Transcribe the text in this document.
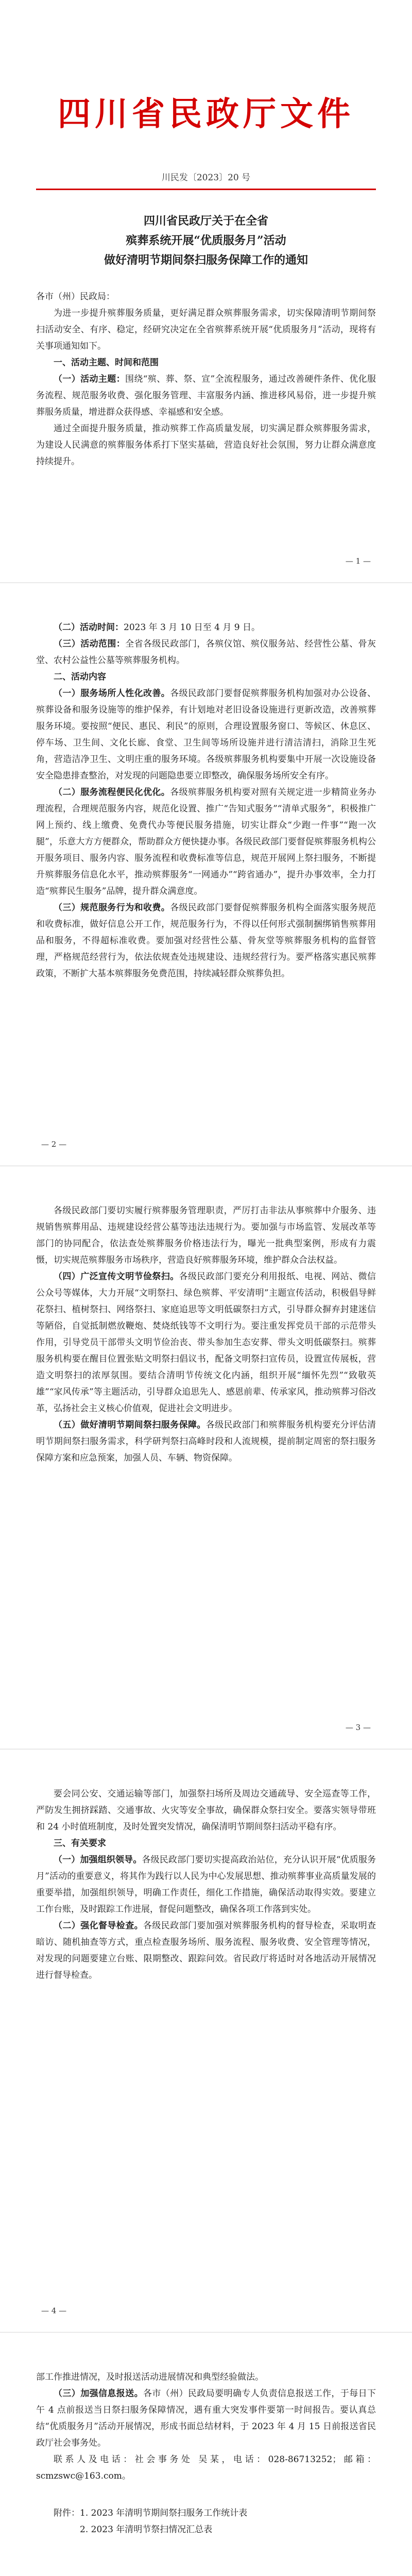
四川省民政厅文件
川民发〔2023〕20 号
四川省民政厅关于在全省
殡葬系统开展“优质服务月”活动
做好清明节期间祭扫服务保障工作的通知

各市（州）民政局：

为进一步提升殡葬服务质量，更好满足群众殡葬服务需求，切实保障清明节期间祭扫活动安全、有序、稳定，经研究决定在全省殡葬系统开展“优质服务月”活动，现将有关事项通知如下。

一、活动主题、时间和范围

（一）活动主题：围绕“殡、葬、祭、宣”全流程服务，通过改善硬件条件、优化服务流程、规范服务收费、强化服务管理、丰富服务内涵、推进移风易俗，进一步提升殡葬服务质量，增进群众获得感、幸福感和安全感。

通过全面提升服务质量，推动殡葬工作高质量发展，切实满足群众殡葬服务需求，为建设人民满意的殡葬服务体系打下坚实基础，营造良好社会氛围，努力让群众满意度持续提升。

— 1 —

（二）活动时间：2023 年 3 月 10 日至 4 月 9 日。

（三）活动范围：全省各级民政部门，各殡仪馆、殡仪服务站、经营性公墓、骨灰堂、农村公益性公墓等殡葬服务机构。

二、活动内容

（一）服务场所人性化改善。各级民政部门要督促殡葬服务机构加强对办公设备、殡葬设备和服务设施等的维护保养，有计划地对老旧设备设施进行更新改造，改善殡葬服务环境。要按照“便民、惠民、利民”的原则，合理设置服务窗口、等候区、休息区、停车场、卫生间、文化长廊、食堂、卫生间等场所设施并进行清洁清扫，消除卫生死角，营造洁净卫生、文明庄重的服务环境。各级殡葬服务机构要集中开展一次设施设备安全隐患排查整治，对发现的问题隐患要立即整改，确保服务场所安全有序。

（二）服务流程便民化优化。各级殡葬服务机构要对照有关规定进一步精简业务办理流程，合理规范服务内容，规范化设置、推广“告知式服务”“清单式服务”，积极推广网上预约、线上缴费、免费代办等便民服务措施，切实让群众“少跑一件事”“跑一次腿”，乐意大方方便群众，帮助群众方便快捷办事。各级民政部门要督促殡葬服务机构公开服务项目、服务内容、服务流程和收费标准等信息，规范开展网上祭扫服务，不断提升殡葬服务信息化水平，推动殡葬服务“一网通办”“跨省通办”，提升办事效率，全力打造“殡葬民生服务”品牌，提升群众满意度。

（三）规范服务行为和收费。各级民政部门要督促殡葬服务机构全面落实服务规范和收费标准，做好信息公开工作，规范服务行为，不得以任何形式强制捆绑销售殡葬用品和服务，不得超标准收费。要加强对经营性公墓、骨灰堂等殡葬服务机构的监督管理，严格规范经营行为，依法依规查处违规建设、违规经营行为。要严格落实惠民殡葬政策，不断扩大基本殡葬服务免费范围，持续减轻群众殡葬负担。

— 2 —

各级民政部门要切实履行殡葬服务管理职责，严厉打击非法从事殡葬中介服务、违规销售殡葬用品、违规建设经营公墓等违法违规行为。要加强与市场监管、发展改革等部门的协同配合，依法查处殡葬服务价格违法行为，曝光一批典型案例，形成有力震慑，切实规范殡葬服务市场秩序，营造良好殡葬服务环境，维护群众合法权益。

（四）广泛宣传文明节俭祭扫。各级民政部门要充分利用报纸、电视、网站、微信公众号等媒体，大力开展“文明祭扫、绿色殡葬、平安清明”主题宣传活动，积极倡导鲜花祭扫、植树祭扫、网络祭扫、家庭追思等文明低碳祭扫方式，引导群众摒弃封建迷信等陋俗，自觉抵制燃放鞭炮、焚烧纸钱等不文明行为。要注重发挥党员干部的示范带头作用，引导党员干部带头文明节俭治丧、带头参加生态安葬、带头文明低碳祭扫。殡葬服务机构要在醒目位置张贴文明祭扫倡议书，配备文明祭扫宣传员，设置宣传展板，营造文明祭扫的浓厚氛围。要结合清明节传统文化内涵，组织开展“缅怀先烈”“致敬英雄”“家风传承”等主题活动，引导群众追思先人、感恩前辈、传承家风，推动殡葬习俗改革，弘扬社会主义核心价值观，促进社会文明进步。

（五）做好清明节期间祭扫服务保障。各级民政部门和殡葬服务机构要充分评估清明节期间祭扫服务需求，科学研判祭扫高峰时段和人流规模，提前制定周密的祭扫服务保障方案和应急预案，加强人员、车辆、物资保障。

— 3 —

要会同公安、交通运输等部门，加强祭扫场所及周边交通疏导、安全巡查等工作，严防发生拥挤踩踏、交通事故、火灾等安全事故，确保群众祭扫安全。要落实领导带班和 24 小时值班制度，及时处置突发情况，确保清明节期间祭扫活动平稳有序。

三、有关要求

（一）加强组织领导。各级民政部门要切实提高政治站位，充分认识开展“优质服务月”活动的重要意义，将其作为践行以人民为中心发展思想、推动殡葬事业高质量发展的重要举措，加强组织领导，明确工作责任，细化工作措施，确保活动取得实效。要建立工作台账，及时跟踪工作进展，督促问题整改，确保各项工作落到实处。

（二）强化督导检查。各级民政部门要加强对殡葬服务机构的督导检查，采取明查暗访、随机抽查等方式，重点检查服务场所、服务流程、服务收费、安全管理等情况，对发现的问题要建立台账、限期整改、跟踪问效。省民政厅将适时对各地活动开展情况进行督导检查。

— 4 —

部工作推进情况，及时报送活动进展情况和典型经验做法。

（三）加强信息报送。各市（州）民政局要明确专人负责信息报送工作，于每日下午 4 点前报送当日祭扫服务保障情况，遇有重大突发事件要第一时间报告。要认真总结“优质服务月”活动开展情况，形成书面总结材料，于 2023 年 4 月 15 日前报送省民政厅社会事务处。

联系人及电话：社会事务处 吴某，电话：028-86713252；邮箱：scmzswc@163.com。

附件：1. 2023 年清明节期间祭扫服务工作统计表
2. 2023 年清明节祭扫情况汇总表
